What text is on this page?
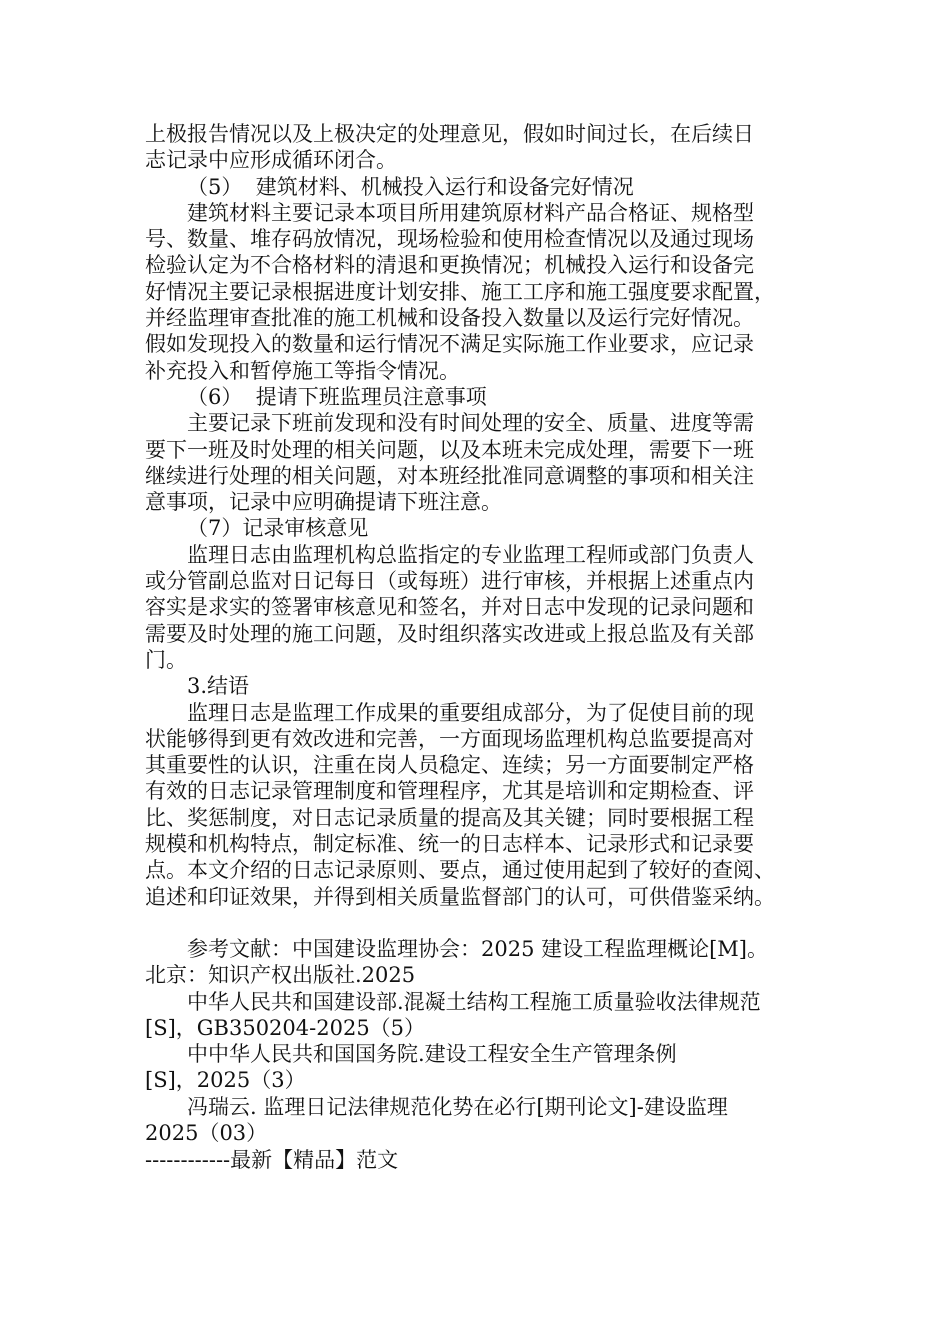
上极报告情况以及上极决定的处理意见，假如时间过长，在后续日
志记录中应形成循环闭合。
（5）  建筑材料、机械投入运行和设备完好情况
建筑材料主要记录本项目所用建筑原材料产品合格证、规格型
号、数量、堆存码放情况，现场检验和使用检查情况以及通过现场
检验认定为不合格材料的清退和更换情况；机械投入运行和设备完
好情况主要记录根据进度计划安排、施工工序和施工强度要求配置，
并经监理审查批准的施工机械和设备投入数量以及运行完好情况。
假如发现投入的数量和运行情况不满足实际施工作业要求，应记录
补充投入和暂停施工等指令情况。
（6）  提请下班监理员注意事项
主要记录下班前发现和没有时间处理的安全、质量、进度等需
要下一班及时处理的相关问题，以及本班未完成处理，需要下一班
继续进行处理的相关问题，对本班经批准同意调整的事项和相关注
意事项，记录中应明确提请下班注意。
（7）记录审核意见
监理日志由监理机构总监指定的专业监理工程师或部门负责人
或分管副总监对日记每日（或每班）进行审核，并根据上述重点内
容实是求实的签署审核意见和签名，并对日志中发现的记录问题和
需要及时处理的施工问题，及时组织落实改进或上报总监及有关部
门。
3.结语
监理日志是监理工作成果的重要组成部分，为了促使目前的现
状能够得到更有效改进和完善，一方面现场监理机构总监要提高对
其重要性的认识，注重在岗人员稳定、连续；另一方面要制定严格
有效的日志记录管理制度和管理程序，尤其是培训和定期检查、评
比、奖惩制度，对日志记录质量的提高及其关键；同时要根据工程
规模和机构特点，制定标准、统一的日志样本、记录形式和记录要
点。本文介绍的日志记录原则、要点，通过使用起到了较好的查阅、
追述和印证效果，并得到相关质量监督部门的认可，可供借鉴采纳。
参考文献：中国建设监理协会：2025 建设工程监理概论[M]。
北京：知识产权出版社.2025
中华人民共和国建设部.混凝土结构工程施工质量验收法律规范
[S]，GB350204-2025（5）
中中华人民共和国国务院.建设工程安全生产管理条例
[S]，2025（3）
冯瑞云. 监理日记法律规范化势在必行[期刊论文]-建设监理
2025（03）
------------最新【精品】范文
